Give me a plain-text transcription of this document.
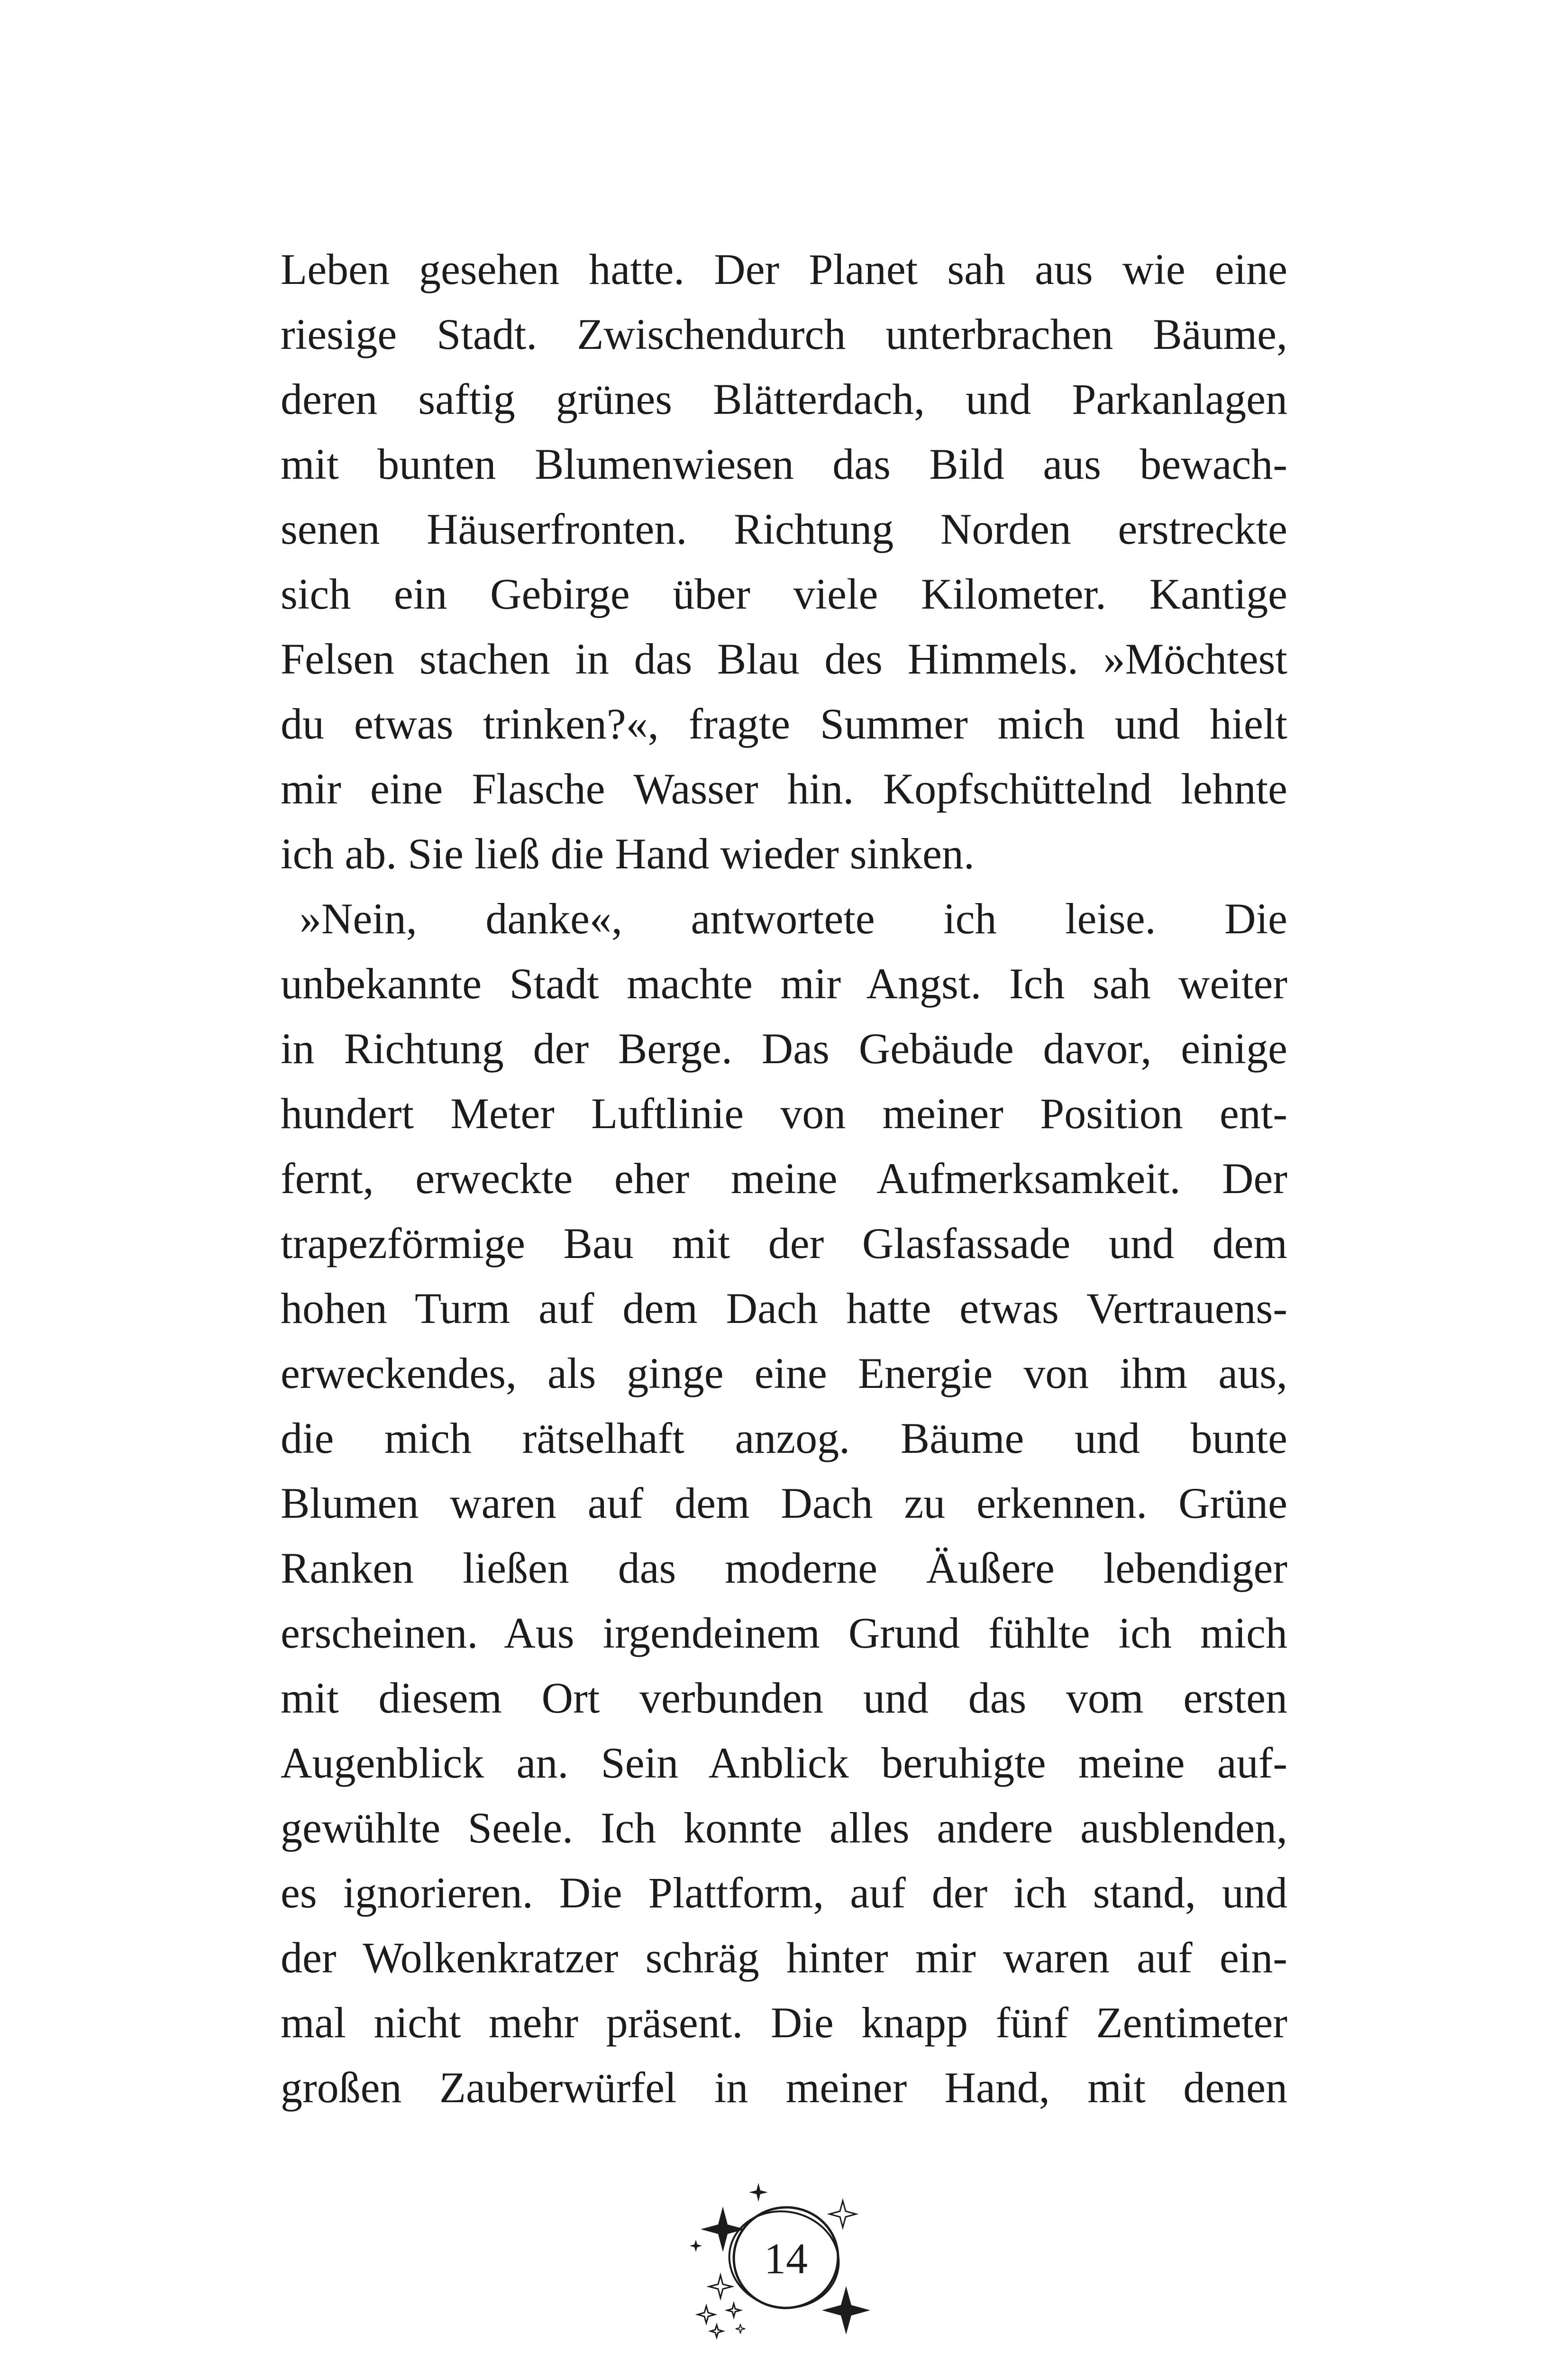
Leben gesehen hatte. Der Planet sah aus wie eine
riesige Stadt. Zwischendurch unterbrachen Bäume,
deren saftig grünes Blätterdach, und Parkanlagen
mit bunten Blumenwiesen das Bild aus bewach-
senen Häuserfronten. Richtung Norden erstreckte
sich ein Gebirge über viele Kilometer. Kantige
Felsen stachen in das Blau des Himmels. »Möchtest
du etwas trinken?«, fragte Summer mich und hielt
mir eine Flasche Wasser hin. Kopfschüttelnd lehnte
ich ab. Sie ließ die Hand wieder sinken.
»Nein, danke«, antwortete ich leise. Die
unbekannte Stadt machte mir Angst. Ich sah weiter
in Richtung der Berge. Das Gebäude davor, einige
hundert Meter Luftlinie von meiner Position ent-
fernt, erweckte eher meine Aufmerksamkeit. Der
trapezförmige Bau mit der Glasfassade und dem
hohen Turm auf dem Dach hatte etwas Vertrauens-
erweckendes, als ginge eine Energie von ihm aus,
die mich rätselhaft anzog. Bäume und bunte
Blumen waren auf dem Dach zu erkennen. Grüne
Ranken ließen das moderne Äußere lebendiger
erscheinen. Aus irgendeinem Grund fühlte ich mich
mit diesem Ort verbunden und das vom ersten
Augenblick an. Sein Anblick beruhigte meine auf-
gewühlte Seele. Ich konnte alles andere ausblenden,
es ignorieren. Die Plattform, auf der ich stand, und
der Wolkenkratzer schräg hinter mir waren auf ein-
mal nicht mehr präsent. Die knapp fünf Zentimeter
großen Zauberwürfel in meiner Hand, mit denen
14
